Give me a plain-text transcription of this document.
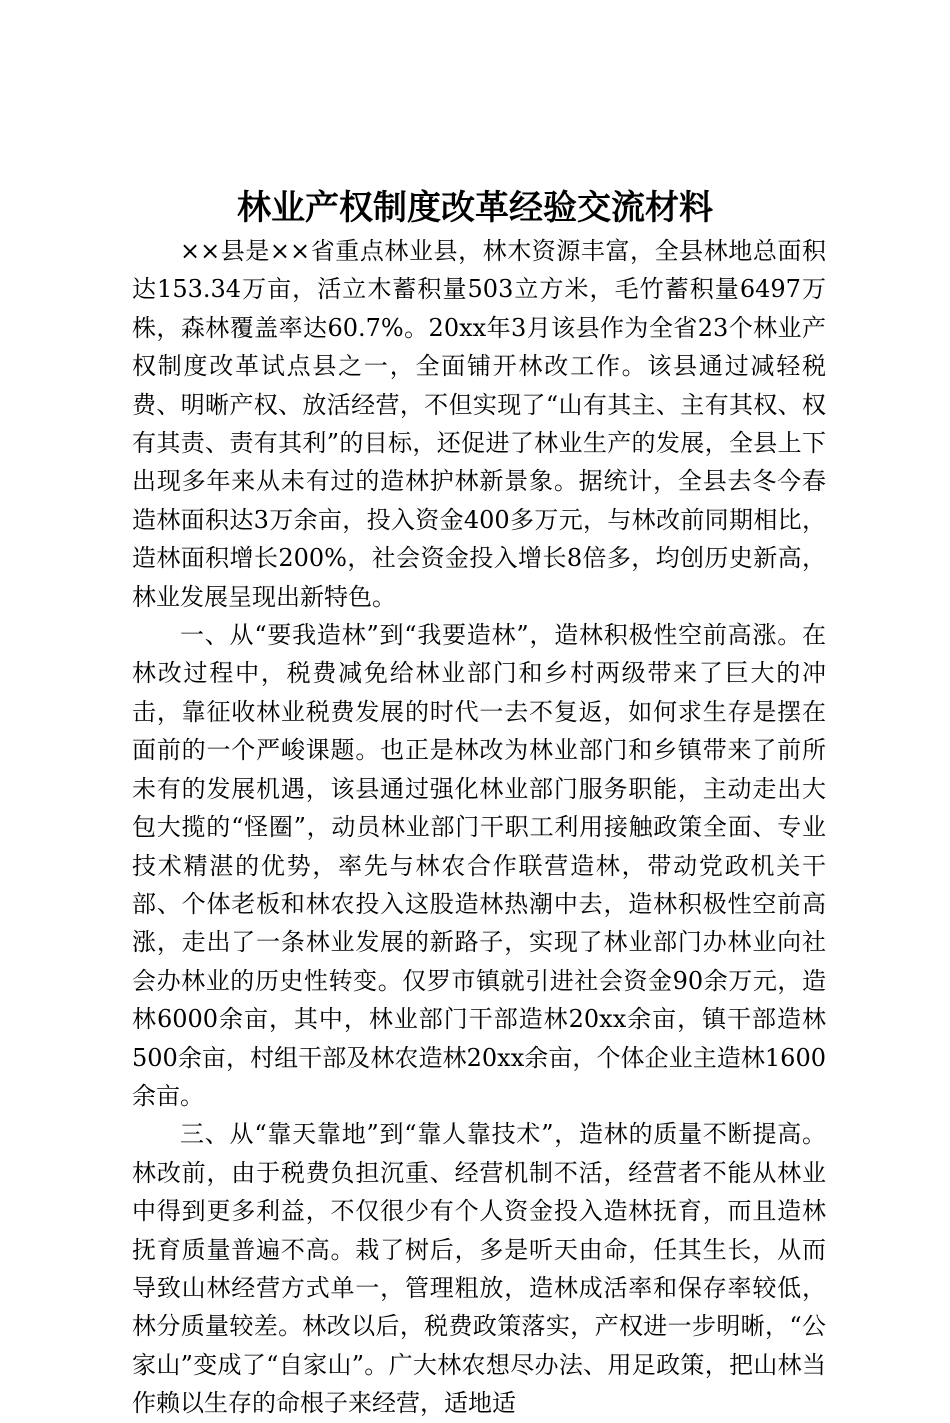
林业产权制度改革经验交流材料

××县是××省重点林业县，林木资源丰富，全县林地总面积达153.34万亩，活立木蓄积量503立方米，毛竹蓄积量6497万株，森林覆盖率达60.7%。20xx年3月该县作为全省23个林业产权制度改革试点县之一，全面铺开林改工作。该县通过减轻税费、明晰产权、放活经营，不但实现了“山有其主、主有其权、权有其责、责有其利”的目标，还促进了林业生产的发展，全县上下出现多年来从未有过的造林护林新景象。据统计，全县去冬今春造林面积达3万余亩，投入资金400多万元，与林改前同期相比，造林面积增长200%，社会资金投入增长8倍多，均创历史新高，林业发展呈现出新特色。

一、从“要我造林”到“我要造林”，造林积极性空前高涨。在林改过程中，税费减免给林业部门和乡村两级带来了巨大的冲击，靠征收林业税费发展的时代一去不复返，如何求生存是摆在面前的一个严峻课题。也正是林改为林业部门和乡镇带来了前所未有的发展机遇，该县通过强化林业部门服务职能，主动走出大包大揽的“怪圈”，动员林业部门干职工利用接触政策全面、专业技术精湛的优势，率先与林农合作联营造林，带动党政机关干部、个体老板和林农投入这股造林热潮中去，造林积极性空前高涨，走出了一条林业发展的新路子，实现了林业部门办林业向社会办林业的历史性转变。仅罗市镇就引进社会资金90余万元，造林6000余亩，其中，林业部门干部造林20xx余亩，镇干部造林500余亩，村组干部及林农造林20xx余亩，个体企业主造林1600余亩。

三、从“靠天靠地”到“靠人靠技术”，造林的质量不断提高。林改前，由于税费负担沉重、经营机制不活，经营者不能从林业中得到更多利益，不仅很少有个人资金投入造林抚育，而且造林抚育质量普遍不高。栽了树后，多是听天由命，任其生长，从而导致山林经营方式单一，管理粗放，造林成活率和保存率较低，林分质量较差。林改以后，税费政策落实，产权进一步明晰，“公家山”变成了“自家山”。广大林农想尽办法、用足政策，把山林当作赖以生存的命根子来经营，适地适
